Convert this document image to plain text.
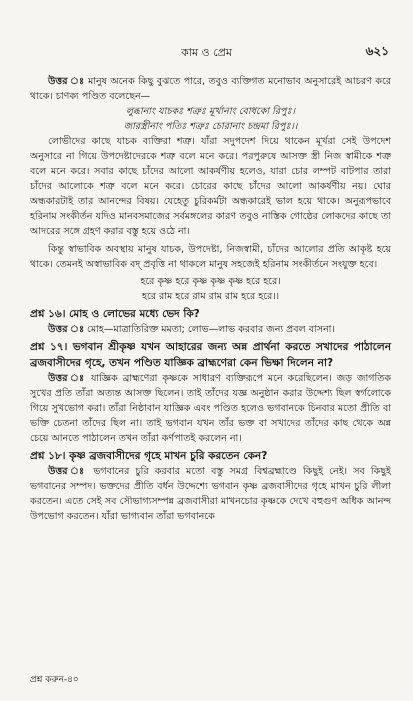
কাম ও প্রেম	৬২১

উত্তর ঃ মানুষ অনেক কিছু বুঝতে পারে, তবুও ব্যক্তিগত মনোভাব অনুসারেই আচরণ করে থাকে। চাণক্য পণ্ডিত বলেছেন—

লুব্ধানাং যাচকঃ শত্রুঃ মূর্খানাং বোধকো রিপুঃ।

জারস্ত্রীনাং পতিঃ শত্রুঃ চোরানাং চন্দ্রমা রিপুঃ।।

লোভীদের কাছে যাচক ব্যক্তিরা শত্রু। যাঁরা সদুপদেশ দিয়ে থাকেন মূর্খরা সেই উপদেশ অনুসারে না গিয়ে উপদেষ্টাদেরকে শত্রু বলে মনে করে। পরপুরুষে আসক্ত স্ত্রী নিজ স্বামীকে শত্রু বলে মনে করে। সবার কাছে চাঁদের আলো আকর্ষণীয় হলেও, যারা চোর লম্পট বাটপার তারা চাঁদের আলোকে শত্রু বলে মনে করে। চোরের কাছে চাঁদের আলো আকর্ষণীয় নয়। ঘোর অন্ধকারটাই তার আনন্দের বিষয়। যেহেতু চুরিকর্মটা অন্ধকারেই ভাল হয়ে থাকে। অনুরূপভাবে হরিনাম সংকীর্তন যদিও মানবসমাজের সর্বমঙ্গলের কারণ তবুও নাস্তিক গোষ্ঠের লোকদের কাছে তা আদরের সঙ্গে গ্রহণ করার বস্তু হয়ে ওঠে না।

কিন্তু স্বাভাবিক অবস্থায় মানুষ যাচক, উপদেষ্টা, নিজস্বামী, চাঁদের আলোর প্রতি আকৃষ্ট হয়ে থাকে। তেমনই অস্বাভাবিক বদ্ প্রবৃত্তি না থাকলে মানুষ সহজেই হরিনাম সংকীর্তনে সংযুক্ত হবে।

হরে কৃষ্ণ হরে কৃষ্ণ কৃষ্ণ কৃষ্ণ হরে হরে।

হরে রাম হরে রাম রাম রাম হরে হরে।।

প্রশ্ন ১৬। মোহ ও লোভের মধ্যে ভেদ কি?

উত্তর ঃ মোহ—মাত্রাতিরিক্ত মমতা; লোভ—লাভ করবার জন্য প্রবল বাসনা।

প্রশ্ন ১৭। ভগবান শ্রীকৃষ্ণ যখন আহারের জন্য অন্ন প্রার্থনা করতে সখাদের পাঠালেন ব্রজবাসীদের গৃহে, তখন পণ্ডিত যাজ্ঞিক ব্রাহ্মণেরা কেন ভিক্ষা দিলেন না?

উত্তর ঃ যাজ্ঞিক ব্রাহ্মণেরা কৃষ্ণকে সাধারণ ব্যক্তিরূপে মনে করেছিলেন। জড় জাগতিক সুখের প্রতি তাঁরা অত্যন্ত আসক্ত ছিলেন। তাই তাঁদের যজ্ঞ অনুষ্ঠান করার উদ্দেশ্য ছিল স্বর্গলোকে গিয়ে সুখভোগ করা। তাঁরা নিষ্ঠাবান যাজ্ঞিক এবং পণ্ডিত হলেও ভগবানকে চিনবার মতো প্রীতি বা ভক্তি চেতনা তাঁদের ছিল না। তাই ভগবান যখন তাঁর ভক্ত বা সখাদের তাঁদের কাছ থেকে অন্ন চেয়ে আনতে পাঠালেন তখন তাঁরা কর্ণপাতই করলেন না।

প্রশ্ন ১৮। কৃষ্ণ ব্রজবাসীদের গৃহে মাখন চুরি করতেন কেন?

উত্তর ঃ ভগবানের চুরি করবার মতো বস্তু সমগ্র বিশ্বব্রহ্মাণ্ডে কিছুই নেই। সব কিছুই ভগবানের সম্পদ। ভক্তদের প্রীতি বর্ধন উদ্দেশ্যে ভগবান কৃষ্ণ ব্রজবাসীদের গৃহে মাখন চুরি লীলা করতেন। এতে সেই সব সৌভাগ্যসম্পন্ন ব্রজবাসীরা মাখনচোর কৃষ্ণকে দেখে বহুগুণ অধিক আনন্দ উপভোগ করতেন। যাঁরা ভাগ্যবান তাঁরা ভগবানকে

প্রশ্ন করুন-৪০
